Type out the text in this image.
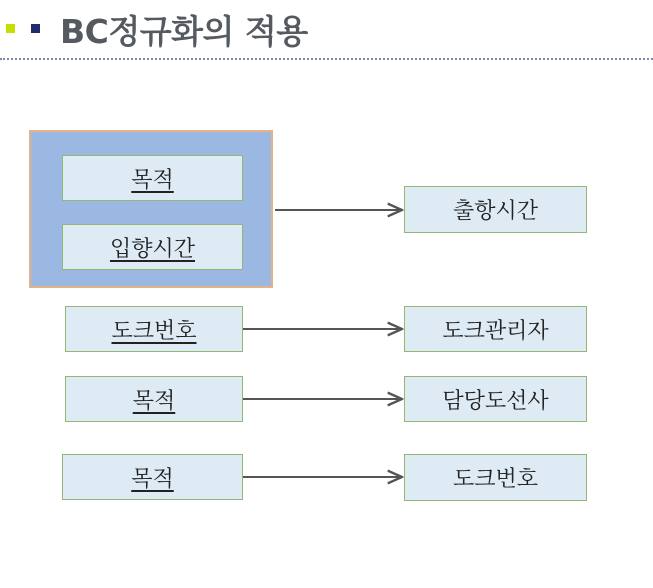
BC정규화의 적용
목적
입향시간
출항시간
도크번호	도크관리자
목적	담당도선사
목적	도크번호
